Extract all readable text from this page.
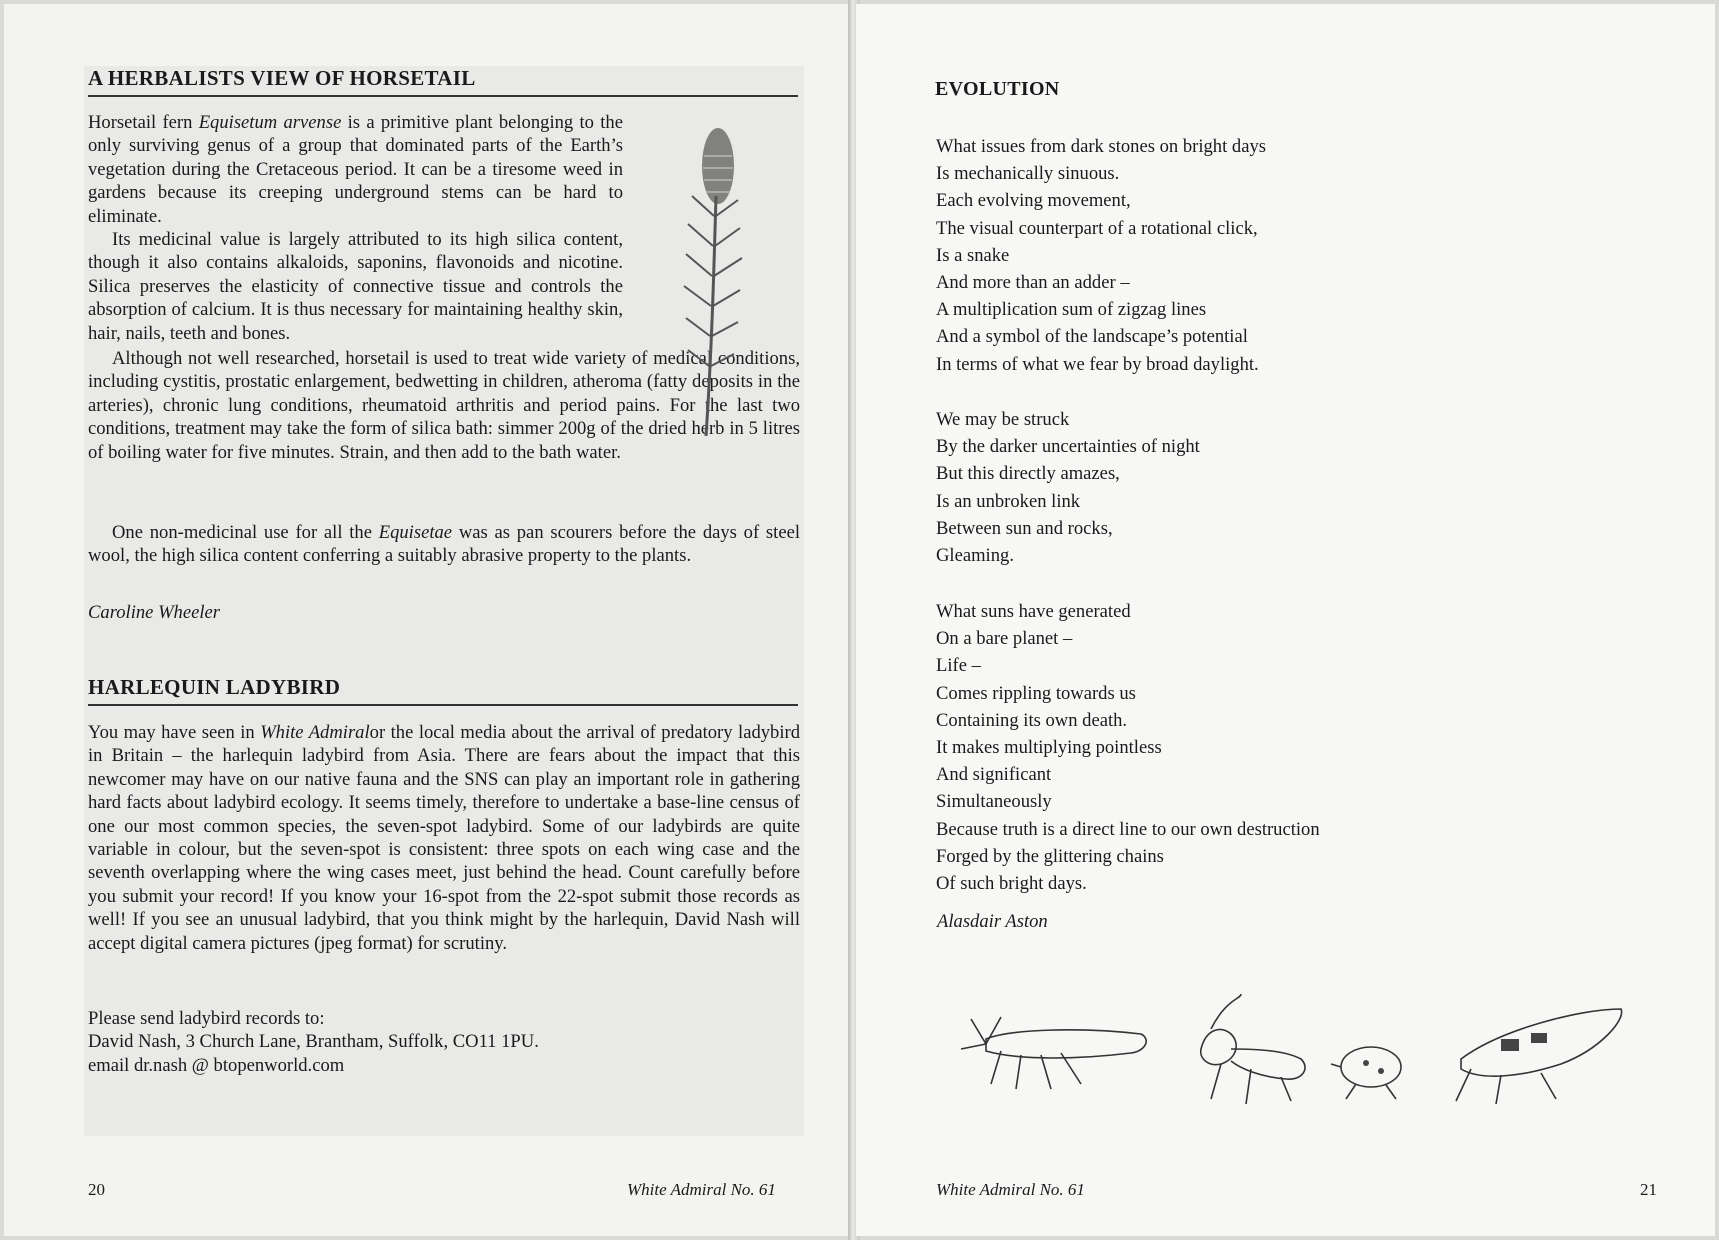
A HERBALISTS VIEW OF HORSETAIL

Horsetail fern Equisetum arvense is a primitive plant belonging to the only surviving genus of a group that dominated parts of the Earth’s vegetation during the Cretaceous period. It can be a tiresome weed in gardens because its creeping underground stems can be hard to eliminate.

Its medicinal value is largely attributed to its high silica content, though it also contains alkaloids, saponins, flavonoids and nicotine. Silica preserves the elasticity of connective tissue and controls the absorption of calcium. It is thus necessary for maintaining healthy skin, hair, nails, teeth and bones.
Although not well researched, horsetail is used to treat wide variety of medical conditions, including cystitis, prostatic enlargement, bedwetting in children, atheroma (fatty deposits in the arteries), chronic lung conditions, rheumatoid arthritis and period pains. For the last two conditions, treatment may take the form of silica bath: simmer 200g of the dried herb in 5 litres of boiling water for five minutes. Strain, and then add to the bath water.
One non-medicinal use for all the Equisetae was as pan scourers before the days of steel wool, the high silica content conferring a suitably abrasive property to the plants.
Caroline Wheeler
HARLEQUIN LADYBIRD
You may have seen in White Admiralor the local media about the arrival of predatory ladybird in Britain – the harlequin ladybird from Asia. There are fears about the impact that this newcomer may have on our native fauna and the SNS can play an important role in gathering hard facts about ladybird ecology. It seems timely, therefore to undertake a base-line census of one our most common species, the seven-spot ladybird. Some of our ladybirds are quite variable in colour, but the seven-spot is consistent: three spots on each wing case and the seventh overlapping where the wing cases meet, just behind the head. Count carefully before you submit your record! If you know your 16-spot from the 22-spot submit those records as well! If you see an unusual ladybird, that you think might by the harlequin, David Nash will accept digital camera pictures (jpeg format) for scrutiny.
Please send ladybird records to:
David Nash, 3 Church Lane, Brantham, Suffolk, CO11 1PU.
email dr.nash @ btopenworld.com
20	White Admiral No. 61
EVOLUTION
What issues from dark stones on bright days
Is mechanically sinuous.
Each evolving movement,
The visual counterpart of a rotational click,
Is a snake
And more than an adder –
A multiplication sum of zigzag lines
And a symbol of the landscape’s potential
In terms of what we fear by broad daylight.
We may be struck
By the darker uncertainties of night
But this directly amazes,
Is an unbroken link
Between sun and rocks,
Gleaming.
What suns have generated
On a bare planet –
Life –
Comes rippling towards us
Containing its own death.
It makes multiplying pointless
And significant
Simultaneously
Because truth is a direct line to our own destruction
Forged by the glittering chains
Of such bright days.
Alasdair Aston
White Admiral No. 61	21
